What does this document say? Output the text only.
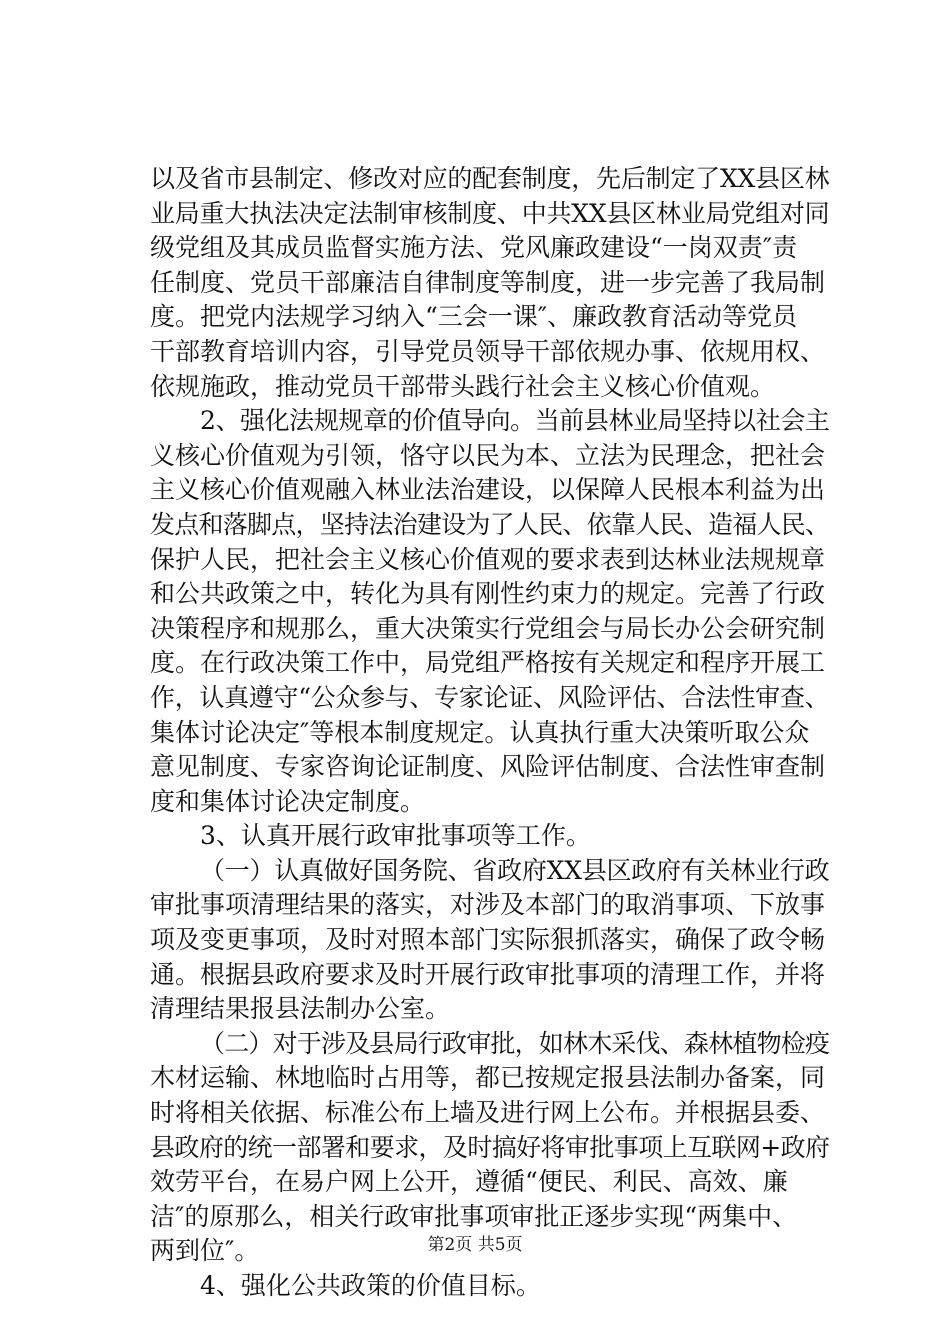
以及省市县制定、修改对应的配套制度，先后制定了XX县区林
业局重大执法决定法制审核制度、中共XX县区林业局党组对同
级党组及其成员监督实施方法、党风廉政建设“一岗双责″责
任制度、党员干部廉洁自律制度等制度，进一步完善了我局制
度。把党内法规学习纳入“三会一课″、廉政教育活动等党员
干部教育培训内容，引导党员领导干部依规办事、依规用权、
依规施政，推动党员干部带头践行社会主义核心价值观。
2、强化法规规章的价值导向。当前县林业局坚持以社会主
义核心价值观为引领，恪守以民为本、立法为民理念，把社会
主义核心价值观融入林业法治建设，以保障人民根本利益为出
发点和落脚点，坚持法治建设为了人民、依靠人民、造福人民、
保护人民，把社会主义核心价值观的要求表到达林业法规规章
和公共政策之中，转化为具有刚性约束力的规定。完善了行政
决策程序和规那么，重大决策实行党组会与局长办公会研究制
度。在行政决策工作中，局党组严格按有关规定和程序开展工
作，认真遵守“公众参与、专家论证、风险评估、合法性审查、
集体讨论决定″等根本制度规定。认真执行重大决策听取公众
意见制度、专家咨询论证制度、风险评估制度、合法性审查制
度和集体讨论决定制度。
3、认真开展行政审批事项等工作。
（一）认真做好国务院、省政府XX县区政府有关林业行政
审批事项清理结果的落实，对涉及本部门的取消事项、下放事
项及变更事项，及时对照本部门实际狠抓落实，确保了政令畅
通。根据县政府要求及时开展行政审批事项的清理工作，并将
清理结果报县法制办公室。
（二）对于涉及县局行政审批，如林木采伐、森林植物检疫
木材运输、林地临时占用等，都已按规定报县法制办备案，同
时将相关依据、标准公布上墙及进行网上公布。并根据县委、
县政府的统一部署和要求，及时搞好将审批事项上互联网+政府
效劳平台，在易户网上公开，遵循“便民、利民、高效、廉
洁″的原那么，相关行政审批事项审批正逐步实现“两集中、
两到位″。
4、强化公共政策的价值目标。
第2页 共5页
